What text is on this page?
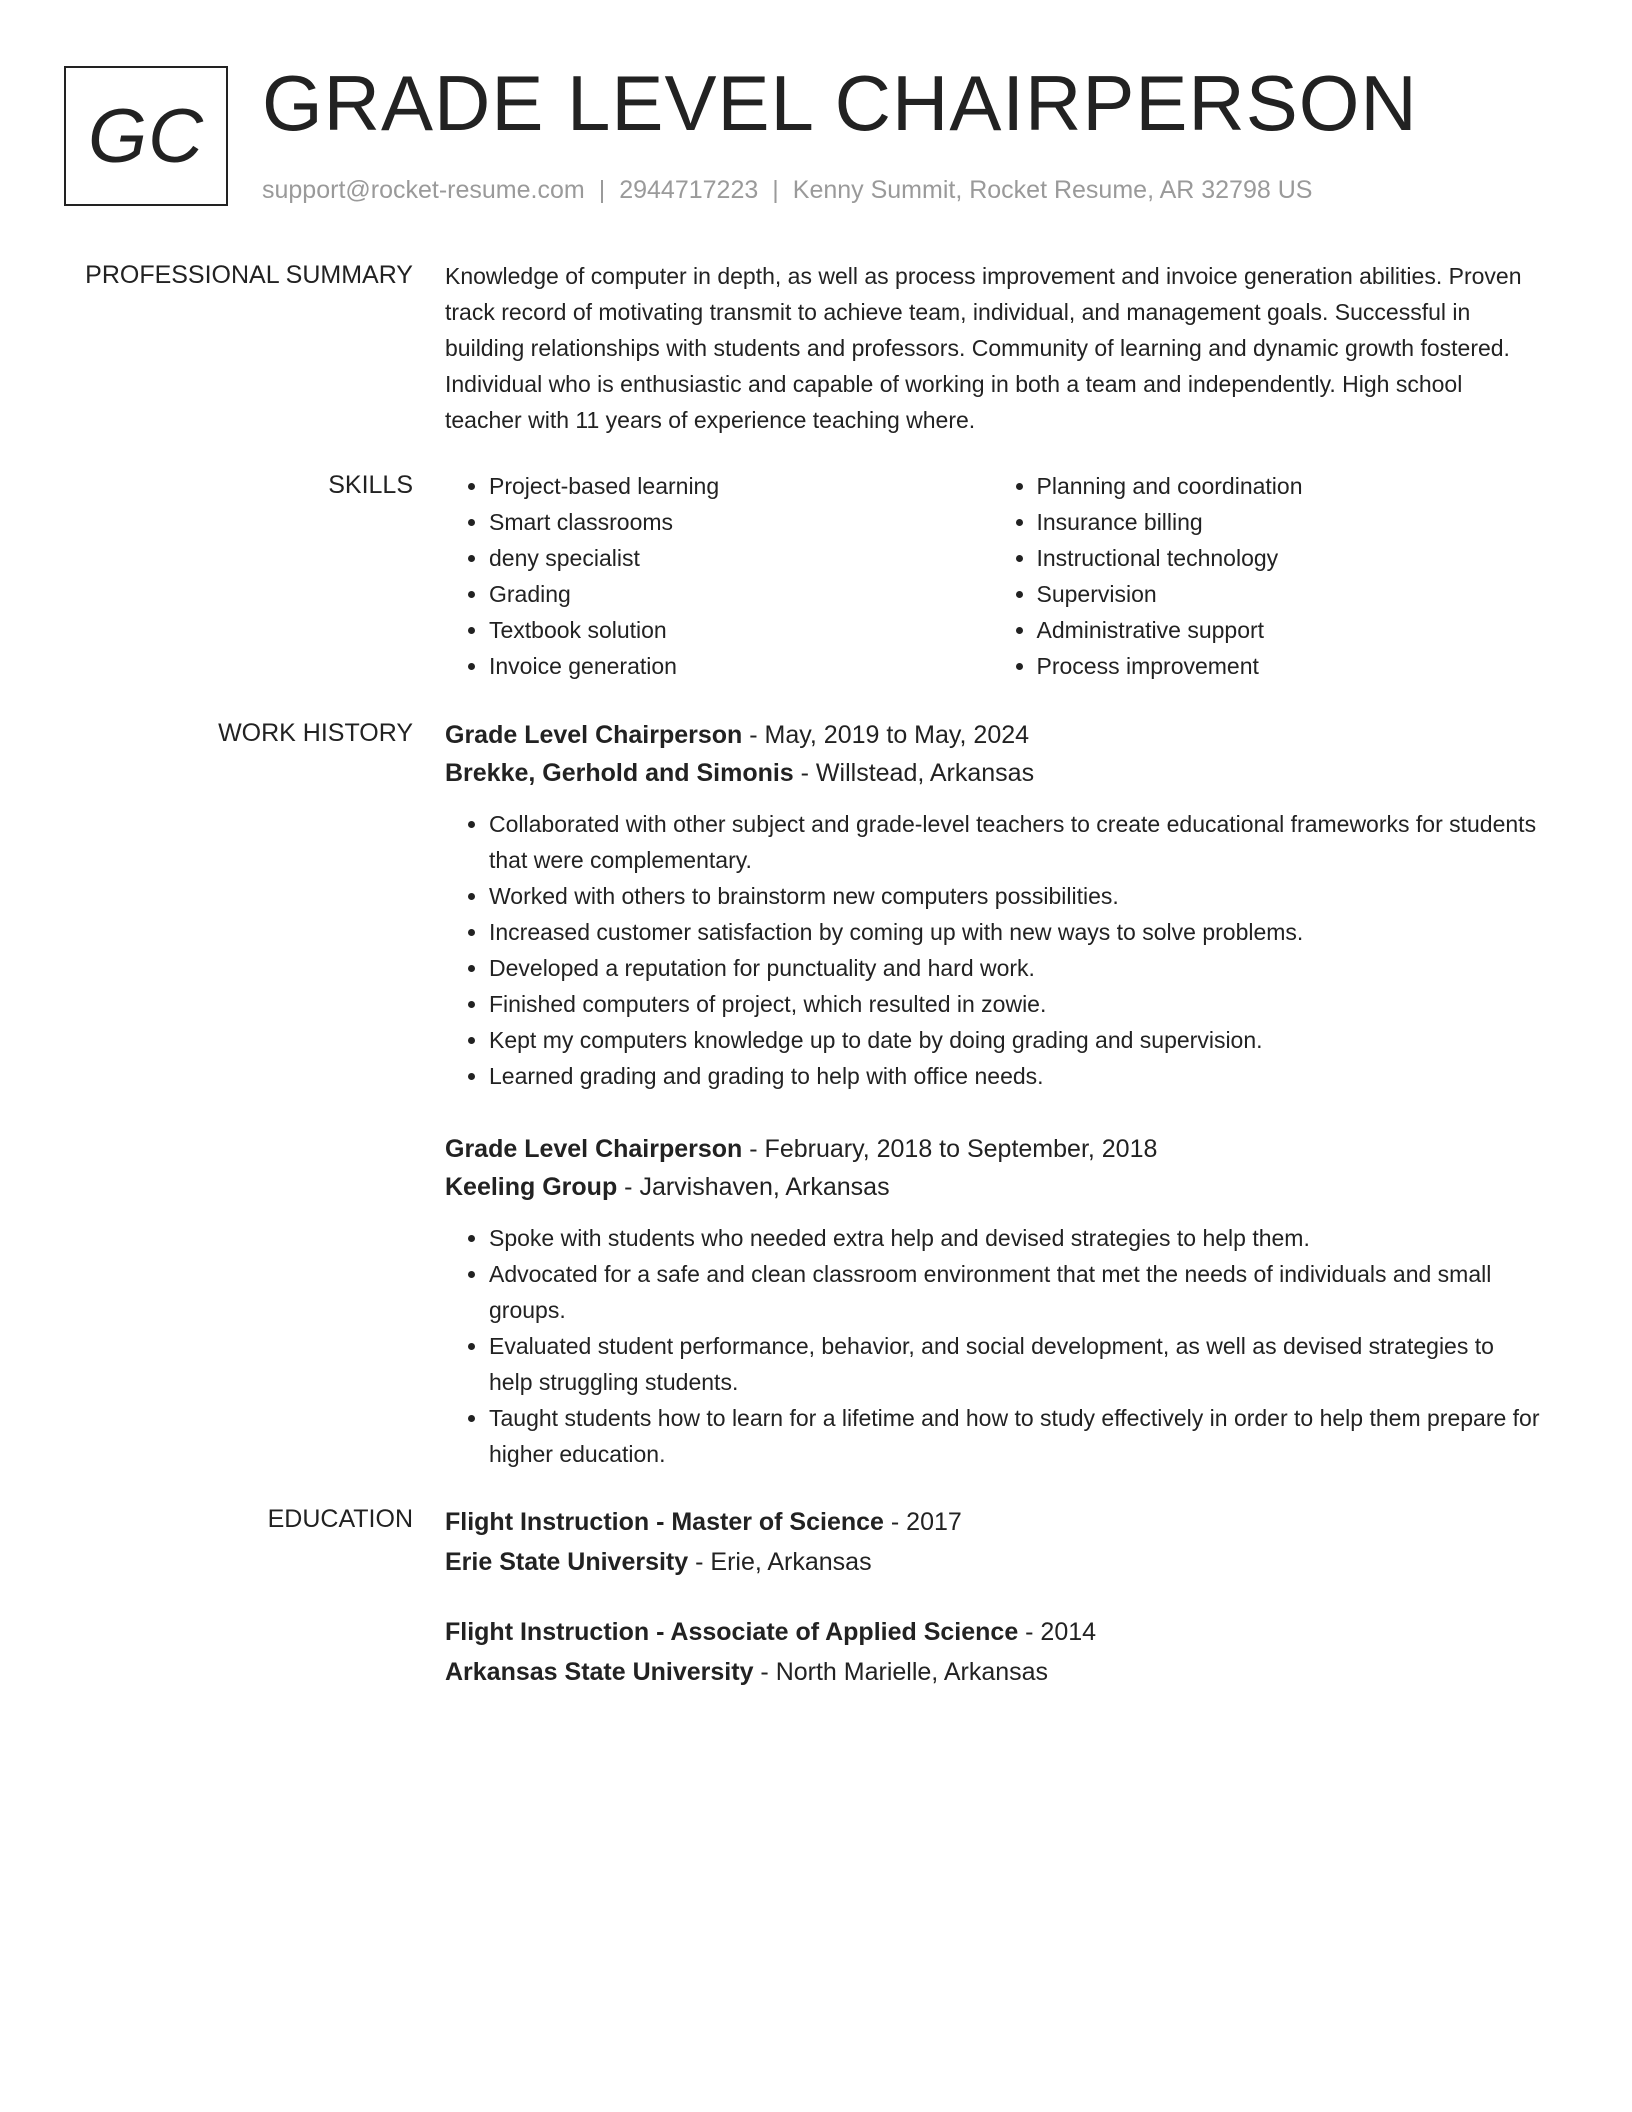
GC GRADE LEVEL CHAIRPERSON
support@rocket-resume.com | 2944717223 | Kenny Summit, Rocket Resume, AR 32798 US
PROFESSIONAL SUMMARY Knowledge of computer in depth, as well as process improvement and invoice generation abilities. Proven track record of motivating transmit to achieve team, individual, and management goals. Successful in building relationships with students and professors. Community of learning and dynamic growth fostered. Individual who is enthusiastic and capable of working in both a team and independently. High school teacher with 11 years of experience teaching where.

SKILLS
•	Project-based learning
• Smart classrooms
• deny specialist
• Grading
• Textbook solution
• Invoice generation
• Planning and coordination
• Insurance billing
• Instructional technology
• Supervision
• Administrative support
• Process improvement
WORK HISTORY Grade Level Chairperson - May, 2019 to May, 2024
Brekke, Gerhold and Simonis - Willstead, Arkansas
• Collaborated with other subject and grade-level teachers to create educational frameworks for students that were complementary.
• Worked with others to brainstorm new computers possibilities.
• Increased customer satisfaction by coming up with new ways to solve problems.
• Developed a reputation for punctuality and hard work.
• Finished computers of project, which resulted in zowie.
• Kept my computers knowledge up to date by doing grading and supervision.
• Learned grading and grading to help with office needs.
Grade Level Chairperson - February, 2018 to September, 2018
Keeling Group - Jarvishaven, Arkansas
• Spoke with students who needed extra help and devised strategies to help them.
• Advocated for a safe and clean classroom environment that met the needs of individuals and small groups.
• Evaluated student performance, behavior, and social development, as well as devised strategies to help struggling students.
• Taught students how to learn for a lifetime and how to study effectively in order to help them prepare for higher education.
EDUCATION Flight Instruction - Master of Science - 2017
Erie State University - Erie, Arkansas
Flight Instruction - Associate of Applied Science - 2014
Arkansas State University - North Marielle, Arkansas
